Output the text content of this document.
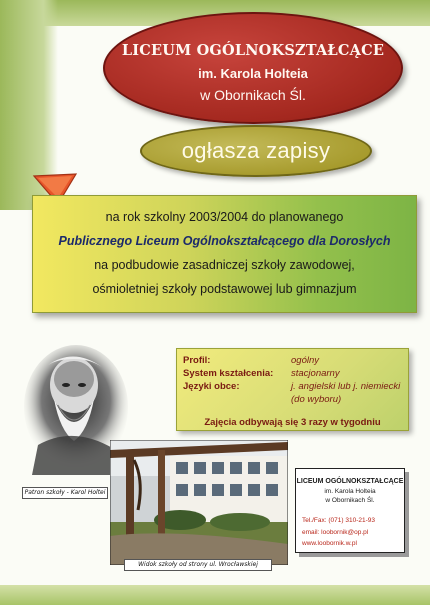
LICEUM OGÓLNOKSZTAŁCĄCE
im. Karola Holteia
w Obornikach Śl.
ogłasza zapisy
na rok szkolny 2003/2004 do planowanego
Publicznego Liceum Ogólnokształcącego dla Dorosłych
na podbudowie zasadniczej szkoły zawodowej,
ośmioletniej szkoły podstawowej lub gimnazjum
Patron szkoły - Karol Holtei
Profil:	ogólny
System kształcenia: stacjonarny
Języki obce:	j. angielski lub j. niemiecki
(do wyboru)
Zajęcia odbywają się 3 razy w tygodniu
Widok szkoły od strony ul. Wrocławskiej
LICEUM OGÓLNOKSZTAŁCĄCE
im. Karola Holteia
w Obornikach Śl.
Tel./Fax: (071) 310-21-93
email: loobornik@op.pl
www.loobornik.w.pl
